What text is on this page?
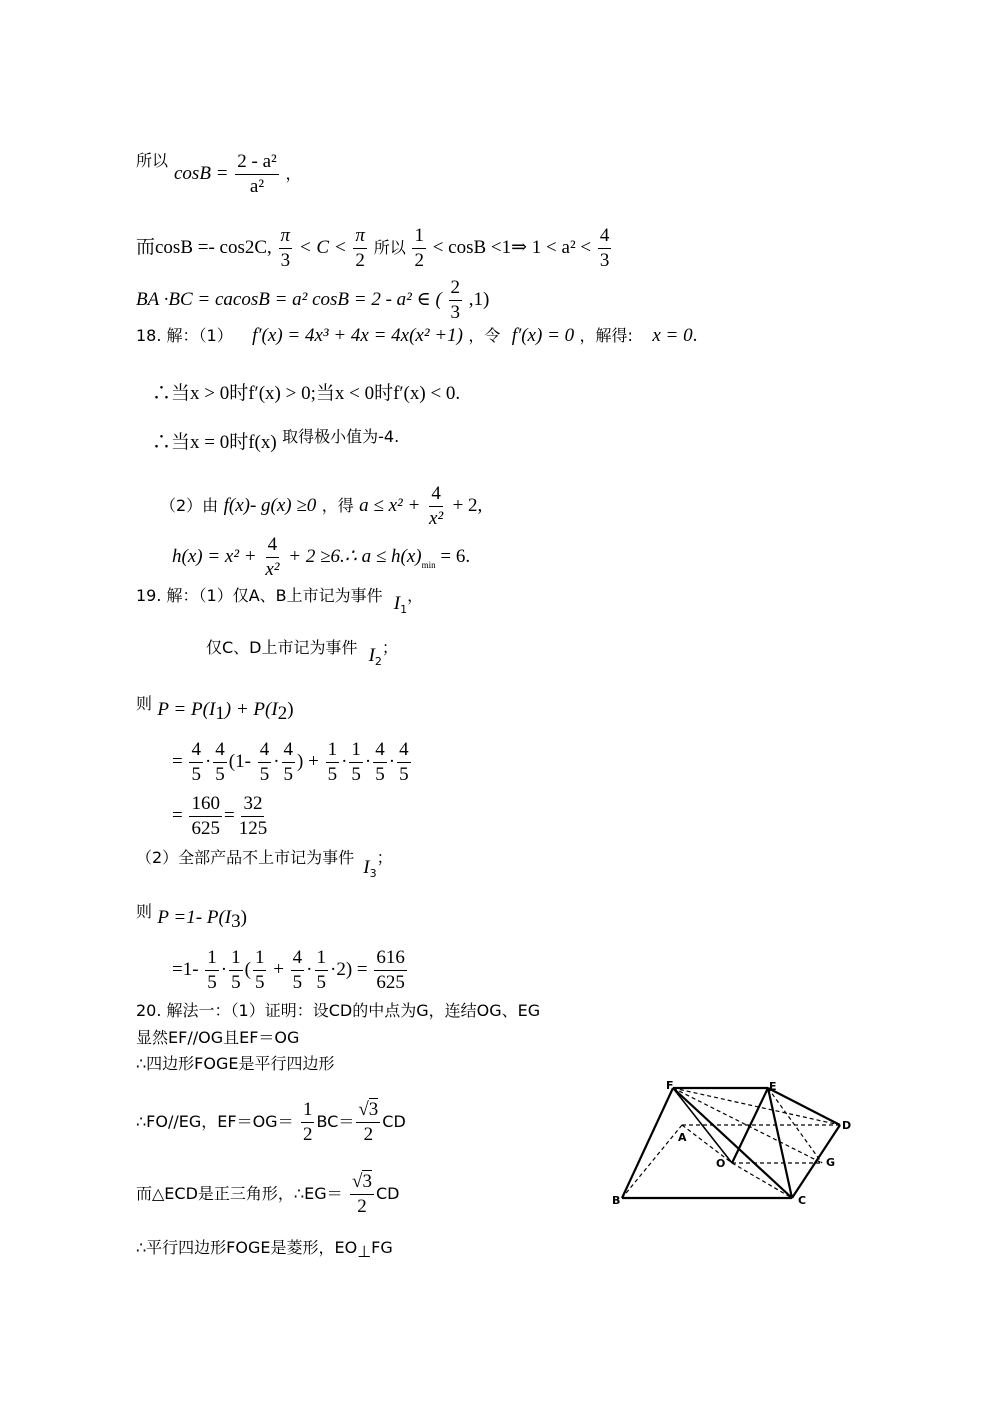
所以
$\cos B = \frac{\text{2 - a²}}{\text{a²}}$ ，
而cosB =- cos2C, $\frac{\pi}{3} < C < \frac{\pi}{2}$ 所以 $\frac{1}{2} < \cos B$ <1⇒ $1 < a^2 < \frac{4}{3}$
BA ·BC = cacosB = a² cosB = 2 - a² ∈ ( $\frac{2}{3} ,1$)
18. 解：（1） f′(x) = 4x³ + 4x = 4x(x² +1) ，令 f′(x) = 0 ，解得: x = 0.
∴当x > 0时f′(x) > 0;当x < 0时f′(x) < 0.
∴当x = 0时f(x) 取得极小值为-4.
（2）由 f(x)- g(x) ≥0 ，得 $a \le x^2 + \frac{4}{\text{x²}} + 2$,
$h(x) = x^2 + \frac{4}{\text{x²}} + 2$ ≥6.∴ $a \le h(x)_{min} = 6$.
19. 解：（1）仅A、B上市记为事件 $I_1$，
仅C、D上市记为事件 $I_2$；
则 $P = P(I_1) + P(I_2)$
= $\frac{4}{5} \cdot \frac{4}{5} (1- \frac{4}{5} \cdot \frac{4}{5}$ ) + $\frac{1}{5} \cdot \frac{1}{5} \cdot \frac{4}{5} \cdot \frac{4}{5}$
= $\frac{160}{625} = \frac{32}{125}$
（2）全部产品不上市记为事件 $I_3$；
则 P =1- $P(I_3)$
$=1- \frac{1}{5} \cdot \frac{1}{5}$ ( $\frac{1}{5} + \frac{4}{5} \cdot \frac{1}{5} \cdot 2) = \frac{616}{625}$
20. 解法一：（1）证明：设CD的中点为G，连结OG、EG
显然EF//OG且EF＝OG
∴四边形FOGE是平行四边形
∴FO//EG，$EF=OG= \frac{1}{2} BC= \frac{√3}{2}$ CD
而△ECD是正三角形，∴EG＝ $\frac{√3}{2}$ CD
∴平行四边形FOGE是菱形，EO⊥FG
F	E
D
A
O	G
B	C
